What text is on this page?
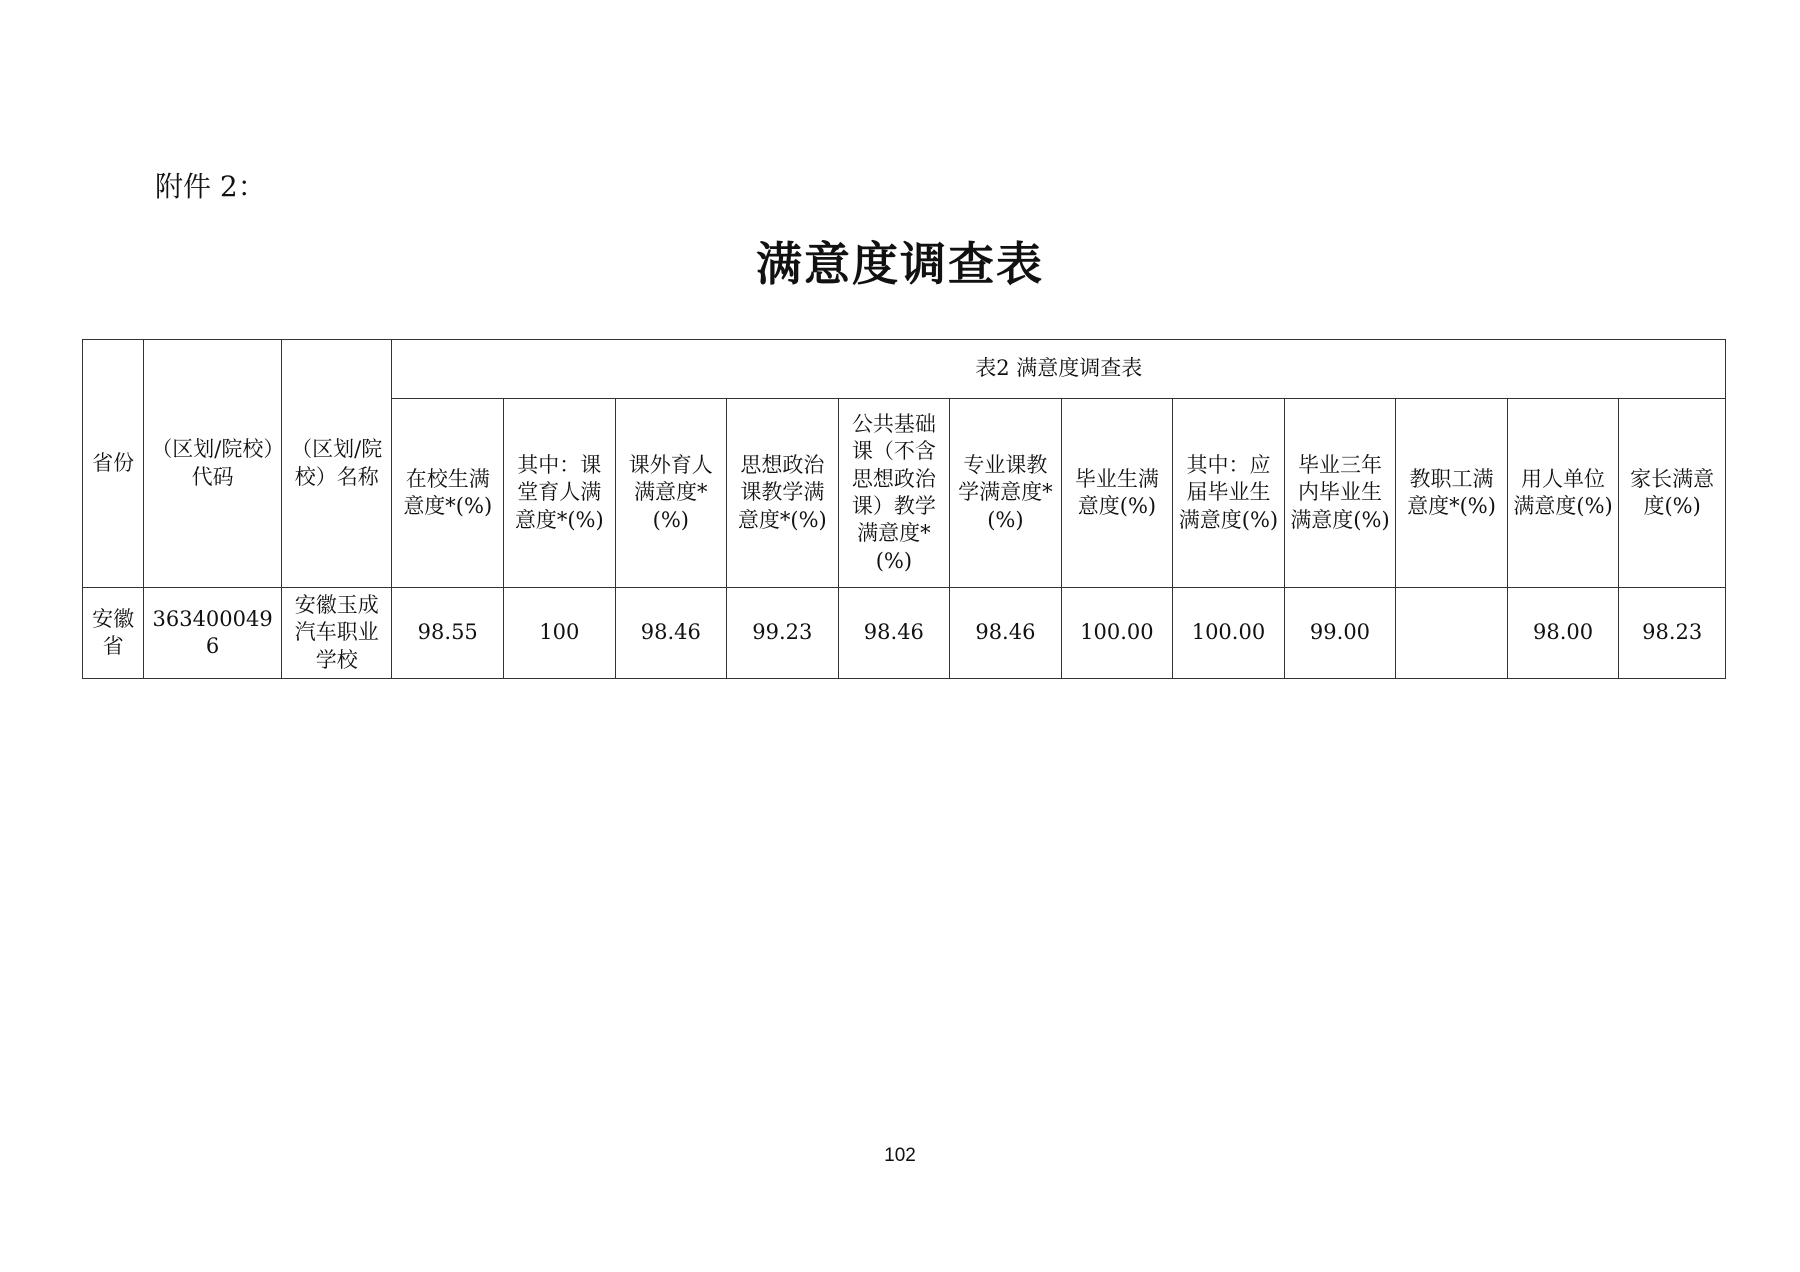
附件 2：
满意度调查表
省份	（区划/院校）代码	（区划/院校）名称	表2 满意度调查表											
			在校生满意度*(%)	其中：课堂育人满意度*(%)	课外育人满意度*(%)	思想政治课教学满意度*(%)	公共基础课（不含思想政治课）教学满意度*(%)	专业课教学满意度*(%)	毕业生满意度(%)	其中：应届毕业生满意度(%)	毕业三年内毕业生满意度(%)	教职工满意度*(%)	用人单位满意度(%)	家长满意度(%)
安徽省	3634000496	安徽玉成汽车职业学校	98.55	100	98.46	99.23	98.46	98.46	100.00	100.00	99.00		98.00	98.23
102
